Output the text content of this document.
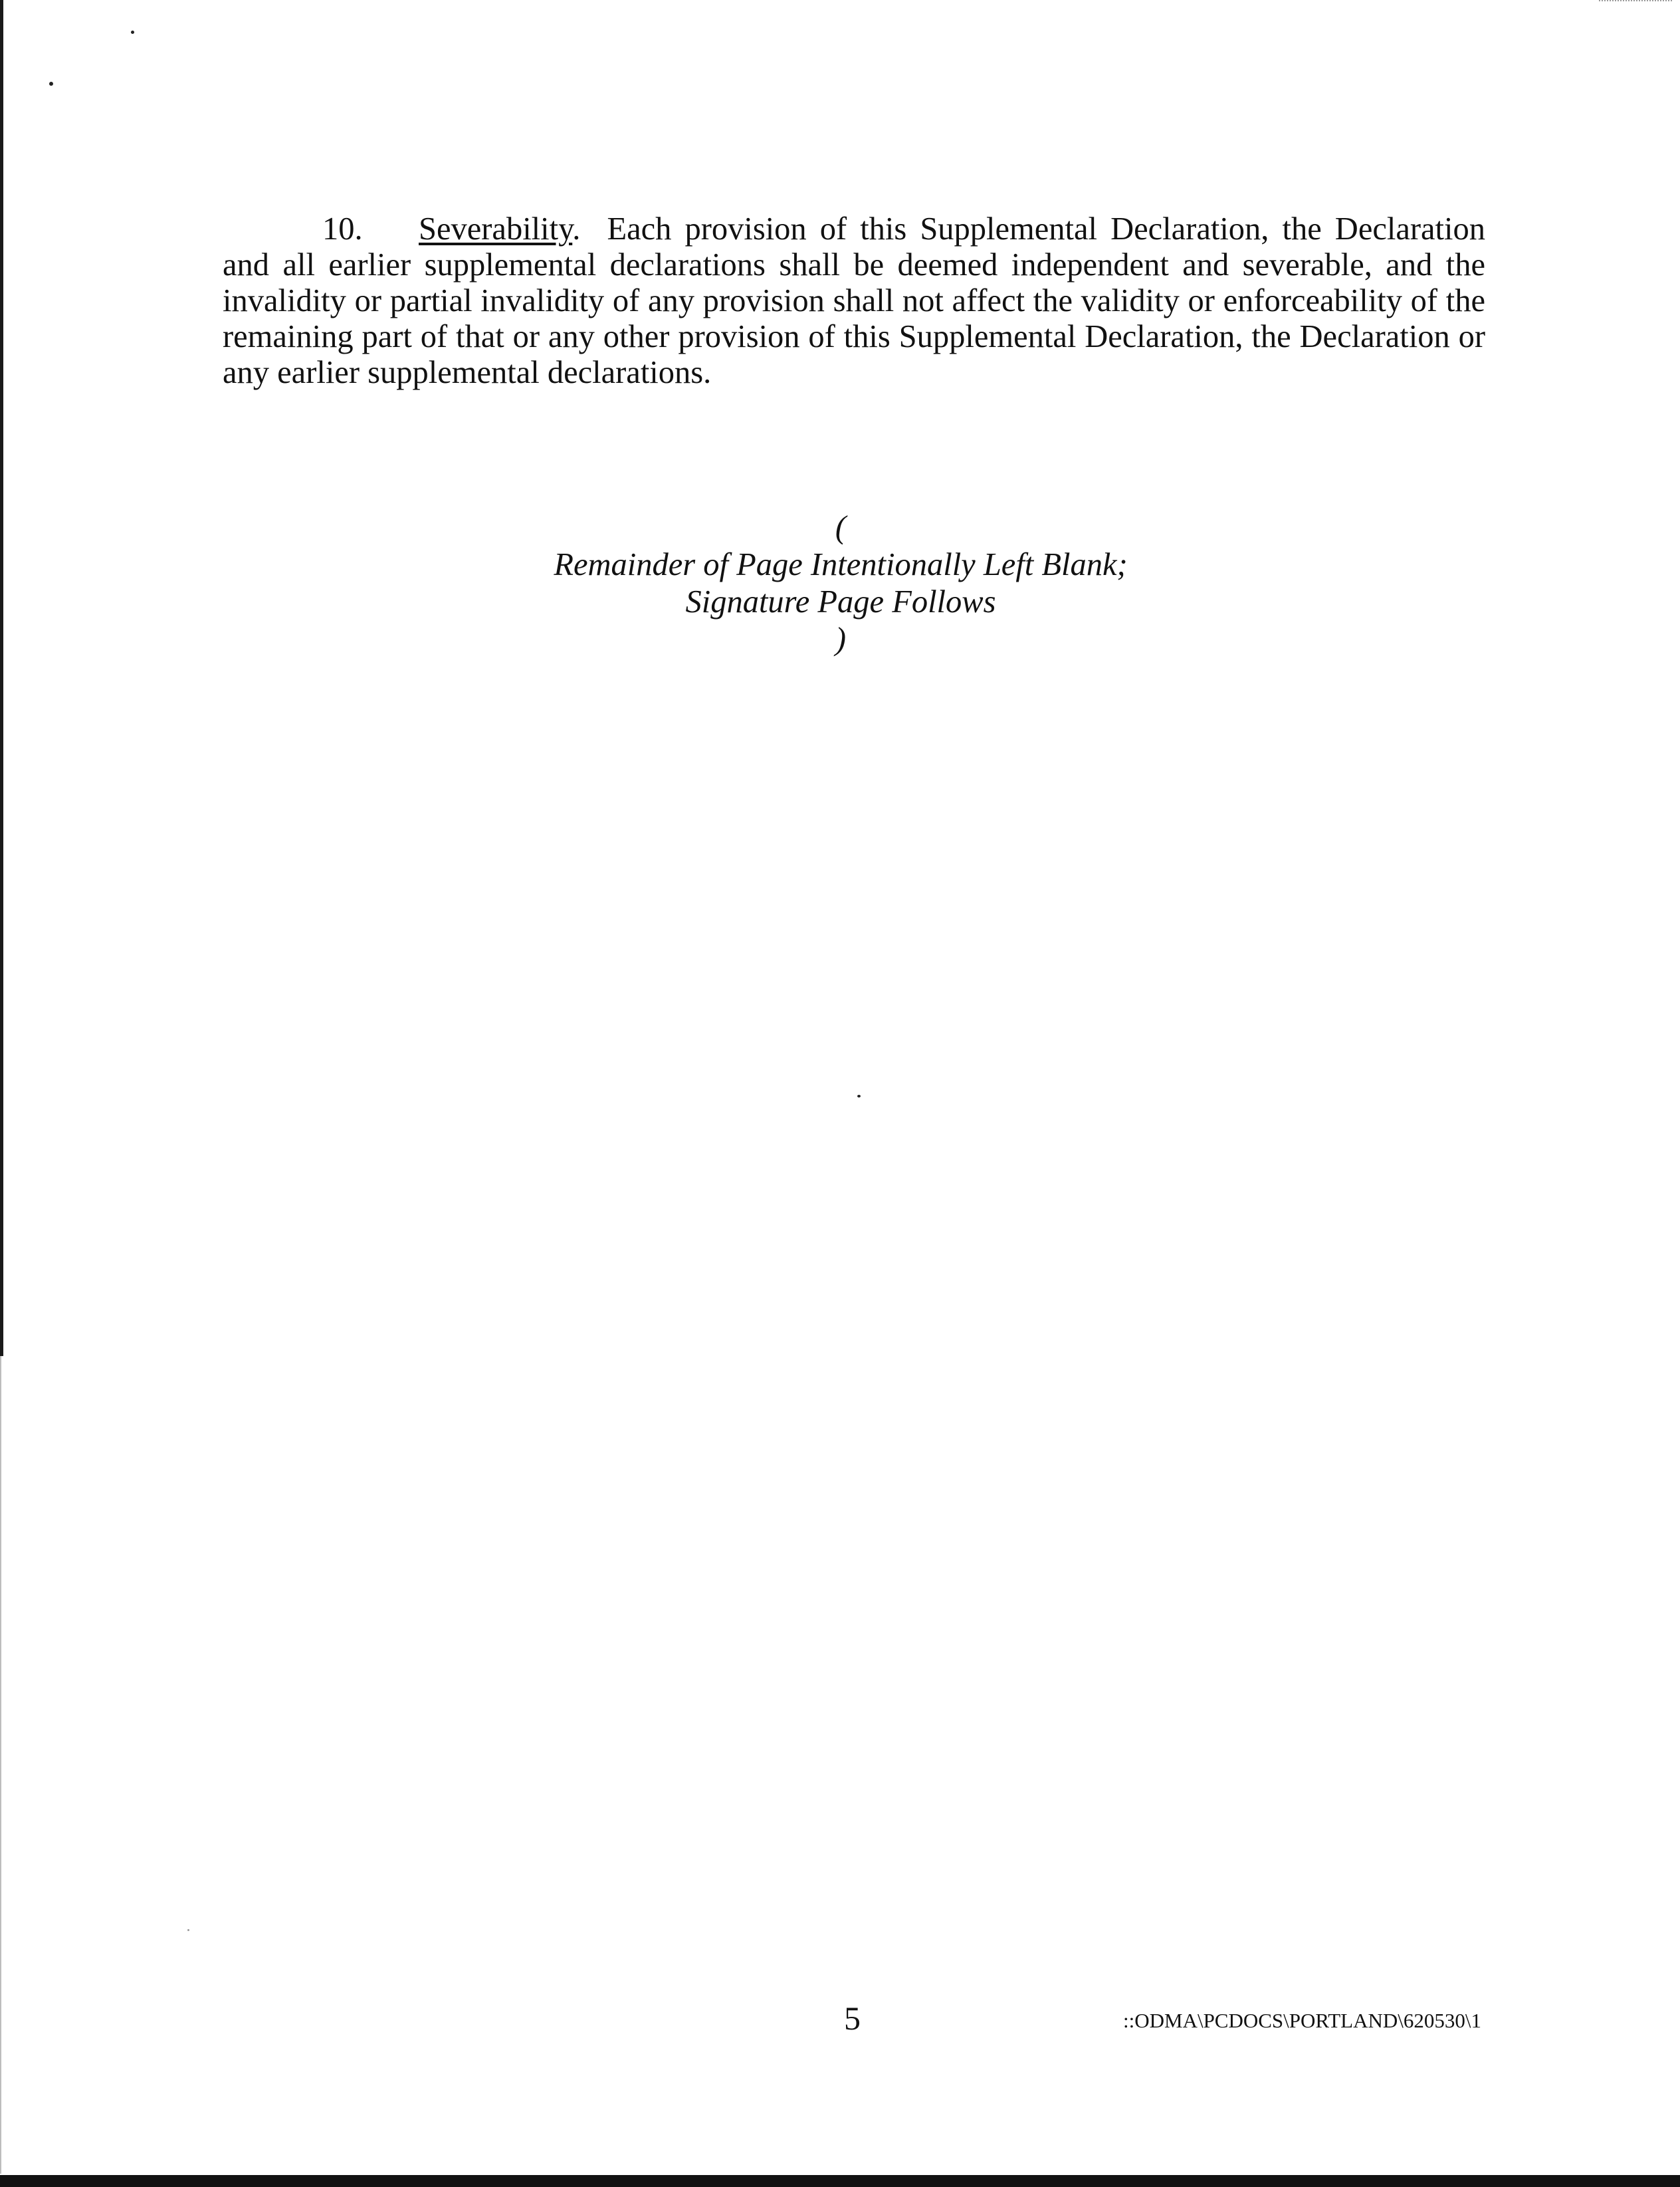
10. Severability. Each provision of this Supplemental Declaration, the Declaration and all earlier supplemental declarations shall be deemed independent and severable, and the invalidity or partial invalidity of any provision shall not affect the validity or enforceability of the remaining part of that or any other provision of this Supplemental Declaration, the Declaration or any earlier supplemental declarations.

(
Remainder of Page Intentionally Left Blank;
Signature Page Follows
)

5	::ODMA\PCDOCS\PORTLAND\620530\1
